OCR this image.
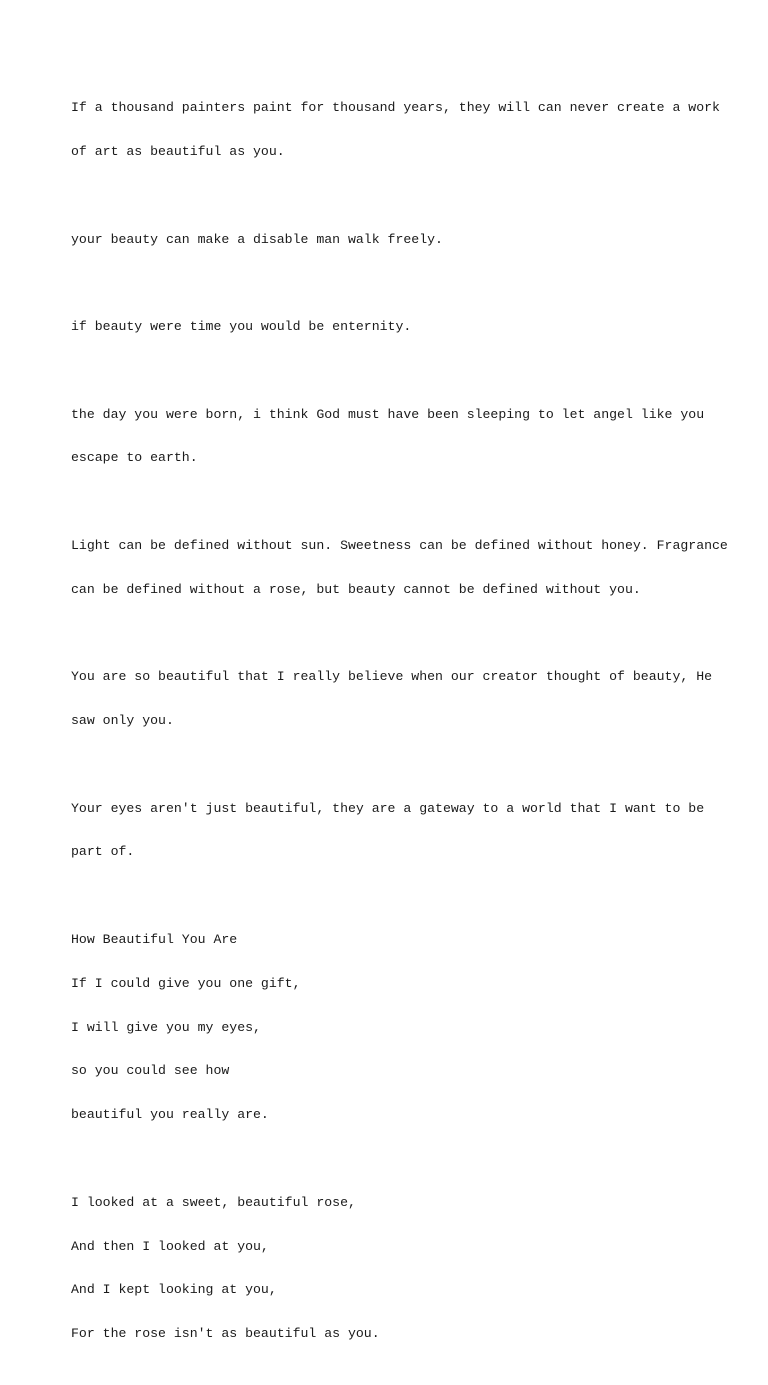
If a thousand painters paint for thousand years, they will can never create a work

of art as beautiful as you.

your beauty can make a disable man walk freely.

if beauty were time you would be enternity.

the day you were born, i think God must have been sleeping to let angel like you

escape to earth.

Light can be defined without sun. Sweetness can be defined without honey. Fragrance

can be defined without a rose, but beauty cannot be defined without you.

You are so beautiful that I really believe when our creator thought of beauty, He

saw only you.

Your eyes aren't just beautiful, they are a gateway to a world that I want to be

part of.

How Beautiful You Are

If I could give you one gift,

I will give you my eyes,

so you could see how

beautiful you really are.

I looked at a sweet, beautiful rose,

And then I looked at you,

And I kept looking at you,

For the rose isn't as beautiful as you.
